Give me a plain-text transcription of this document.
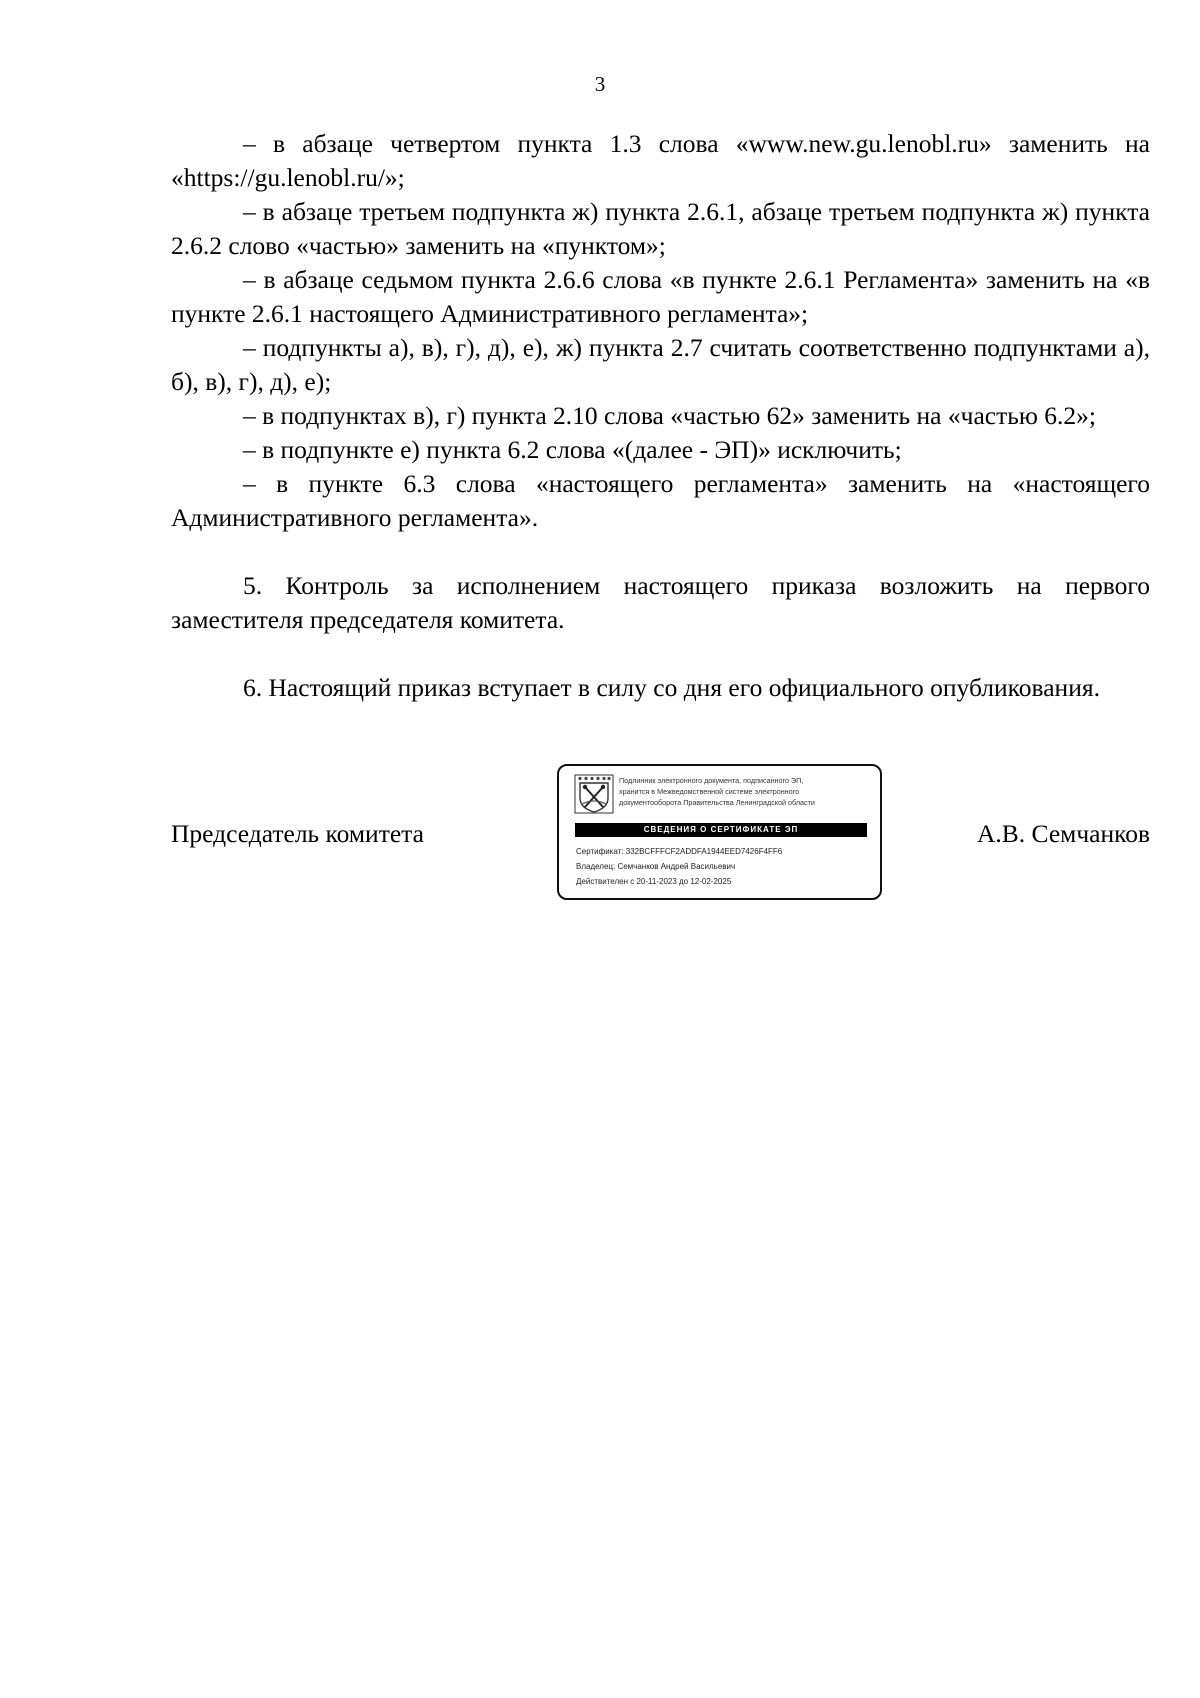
3

– в абзаце четвертом пункта 1.3 слова «www.new.gu.lenobl.ru» заменить на «https://gu.lenobl.ru/»;

– в абзаце третьем подпункта ж) пункта 2.6.1, абзаце третьем подпункта ж) пункта 2.6.2 слово «частью» заменить на «пунктом»;

– в абзаце седьмом пункта 2.6.6 слова «в пункте 2.6.1 Регламента» заменить на «в пункте 2.6.1 настоящего Административного регламента»;

– подпункты а), в), г), д), е), ж) пункта 2.7 считать соответственно подпунктами а), б), в), г), д), е);

– в подпунктах в), г) пункта 2.10 слова «частью 62» заменить на «частью 6.2»;

– в подпункте е) пункта 6.2 слова «(далее - ЭП)» исключить;

– в пункте 6.3 слова «настоящего регламента» заменить на «настоящего Административного регламента».

5. Контроль за исполнением настоящего приказа возложить на первого заместителя председателя комитета.

6. Настоящий приказ вступает в силу со дня его официального опубликования.

Председатель комитета	А.В. Семчанков
Подлинник электронного документа, подписанного ЭП,
хранится в Межведомственной системе электронного
документооборота Правительства Ленинградской области
СВЕДЕНИЯ О СЕРТИФИКАТЕ ЭП
Сертификат: 332BCFFFCF2ADDFA1944EED7426F4FF6
Владелец: Семчанков Андрей Васильевич
Действителен с 20-11-2023 до 12-02-2025
